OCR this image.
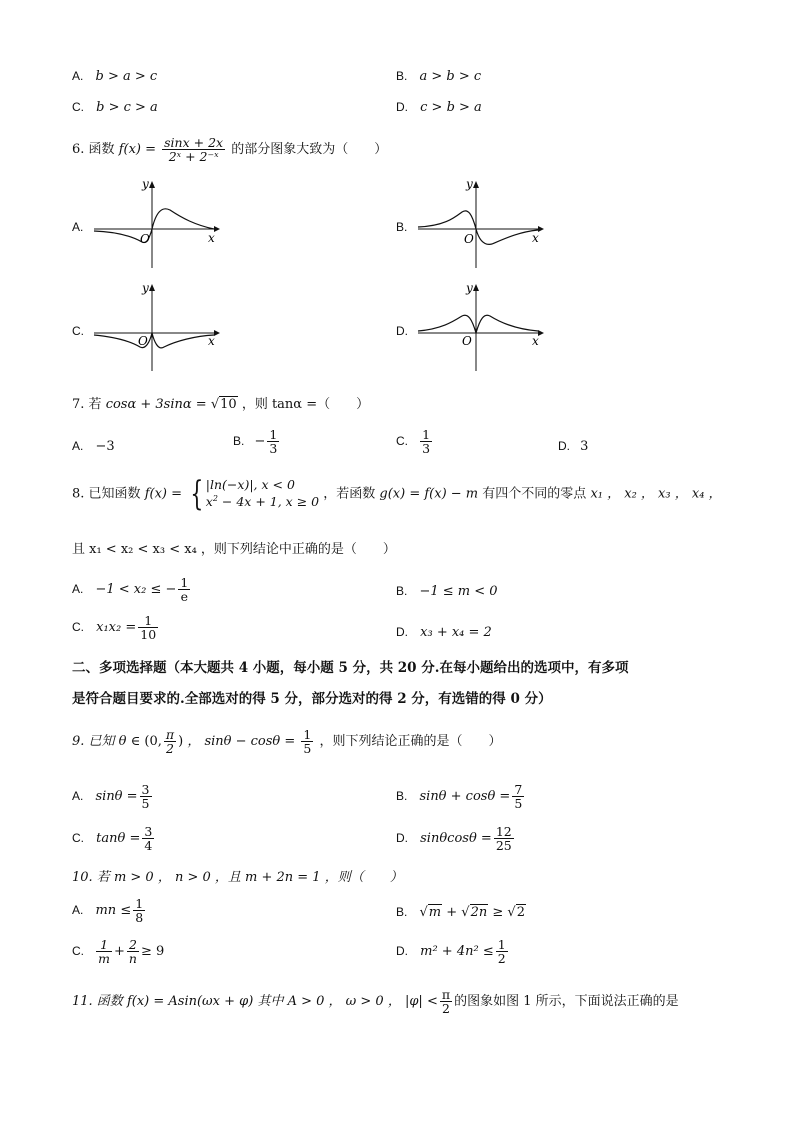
A. b > a > c	B. a > b > c
C. b > c > a	D. c > b > a
6. 函数 $f(x) = \frac{\sin x + 2x}{\text{2ˣ + 2⁻ˣ}}$ 的部分图象大致为（　　）
A.
y
x
O
B.
y
x
O
C.
y
x
O
D.
y
x
O
7. 若 cosα + 3sinα = √10 ，则 tanα =（　　）
A. −3	B. − $\frac{1}{3}$	C. $\frac{1}{3}$	D. 3
8. 已知函数 f(x) = { |ln(−x)|, x < 0
$x^2 - 4x + 1$, x ≥ 0 ，若函数 g(x) = f(x) − m 有四个不同的零点 x₁ ， x₂ ， x₃ ， x₄ ，
且 x₁ < x₂ < x₃ < x₄ ，则下列结论中正确的是（　　）
A. −1 < x₂ ≤ − $\frac{1}{e}$	B. −1 ≤ m < 0
C. $x_1x_2 = \frac{1}{10}$	D. x₃ + x₄ = 2
二、多项选择题（本大题共 4 小题，每小题 5 分，共 20 分.在每小题给出的选项中，有多项
是符合题目要求的.全部选对的得 5 分，部分选对的得 2 分，有选错的得 0 分）
9. 已知 θ ∈ (0, $\frac{\pi}{2}$ ) ， $\sin\theta - \cos\theta = \frac{1}{5}$ ，则下列结论正确的是（　　）
A. $\sin\theta = \frac{3}{5}$	B. $\sin\theta + \cos\theta = \frac{7}{5}$
C. $\tan\theta = \frac{3}{4}$	D. $\sin\theta\cos\theta = \frac{12}{25}$
10. 若 m > 0 ， n > 0 ，且 m + 2n = 1 ，则（　　）
A. mn ≤ $\frac{1}{8}$	B. √m + √2n ≥ √2
C. $\frac{1}{m} + \frac{2}{n} \ge 9$	D. $m^2 + 4n^2 \le \frac{1}{2}$
11. 函数 f(x) = Asin(ωx + φ) 其中 A > 0 ， ω > 0 ， $|\varphi| < \frac{\pi}{2}$ 的图象如图 1 所示，下面说法正确的是
